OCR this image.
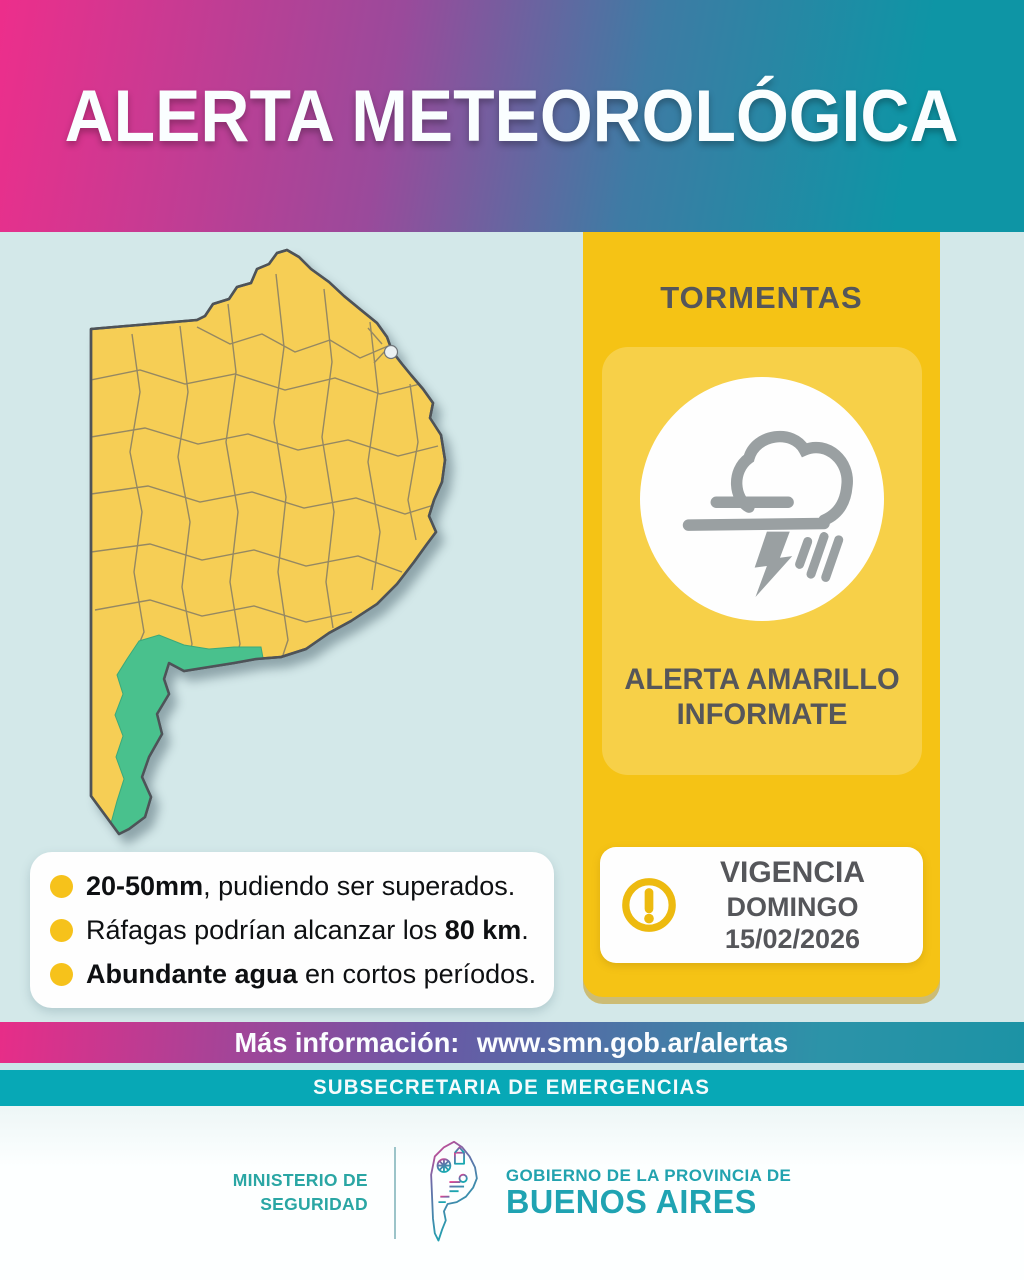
ALERTA METEOROLÓGICA
TORMENTAS
ALERTA AMARILLO
INFORMATE
VIGENCIA
DOMINGO
15/02/2026
20-50mm, pudiendo ser superados.
Ráfagas podrían alcanzar los 80 km.
Abundante agua en cortos períodos.
Más información: www.smn.gob.ar/alertas
SUBSECRETARIA DE EMERGENCIAS
MINISTERIO DE
SEGURIDAD
GOBIERNO DE LA PROVINCIA DE
BUENOS AIRES
